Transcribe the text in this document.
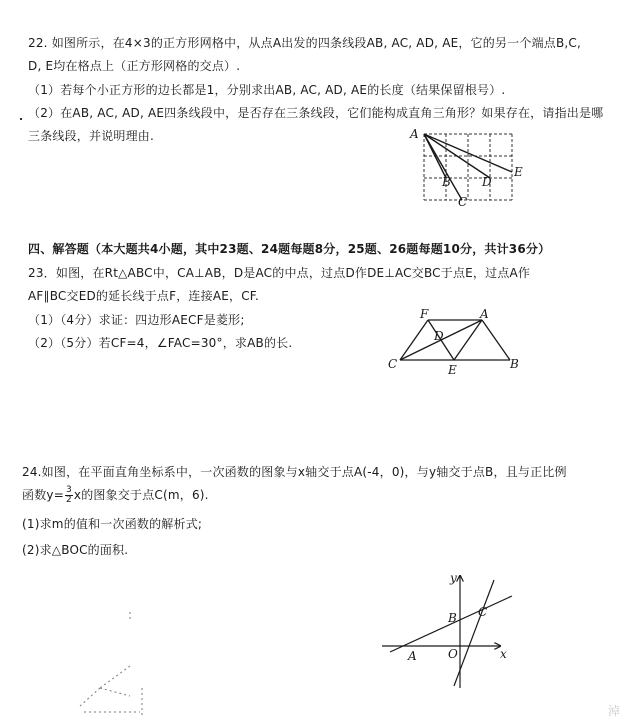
22. 如图所示，在4×3的正方形网格中，从点A出发的四条线段AB, AC, AD, AE，它的另一个端点B,C,
D, E均在格点上（正方形网格的交点）.
（1）若每个小正方形的边长都是1，分别求出AB, AC, AD, AE的长度（结果保留根号）.
（2）在AB, AC, AD, AE四条线段中，是否存在三条线段，它们能构成直角三角形？如果存在，请指出是哪
三条线段，并说明理由.	A
B
C
D
E
四、解答题（本大题共4小题，其中23题、24题每题8分，25题、26题每题10分，共计36分）
23．如图，在Rt△ABC中，CA⊥AB，D是AC的中点，过点D作DE⊥AC交BC于点E，过点A作
AF∥BC交ED的延长线于点F，连接AE，CF.
（1）（4分）求证：四边形AECF是菱形;
（2）（5分）若CF=4，∠FAC=30°，求AB的长.
F	A
D
C	E	B
24.如图，在平面直角坐标系中，一次函数的图象与x轴交于点A(-4，0)，与y轴交于点B，且与正比例
函数$y= \frac{3}{2}$ x的图象交于点C(m，6).
(1)求m的值和一次函数的解析式;
(2)求△BOC的面积.
y
x
O
A
B C
淖
